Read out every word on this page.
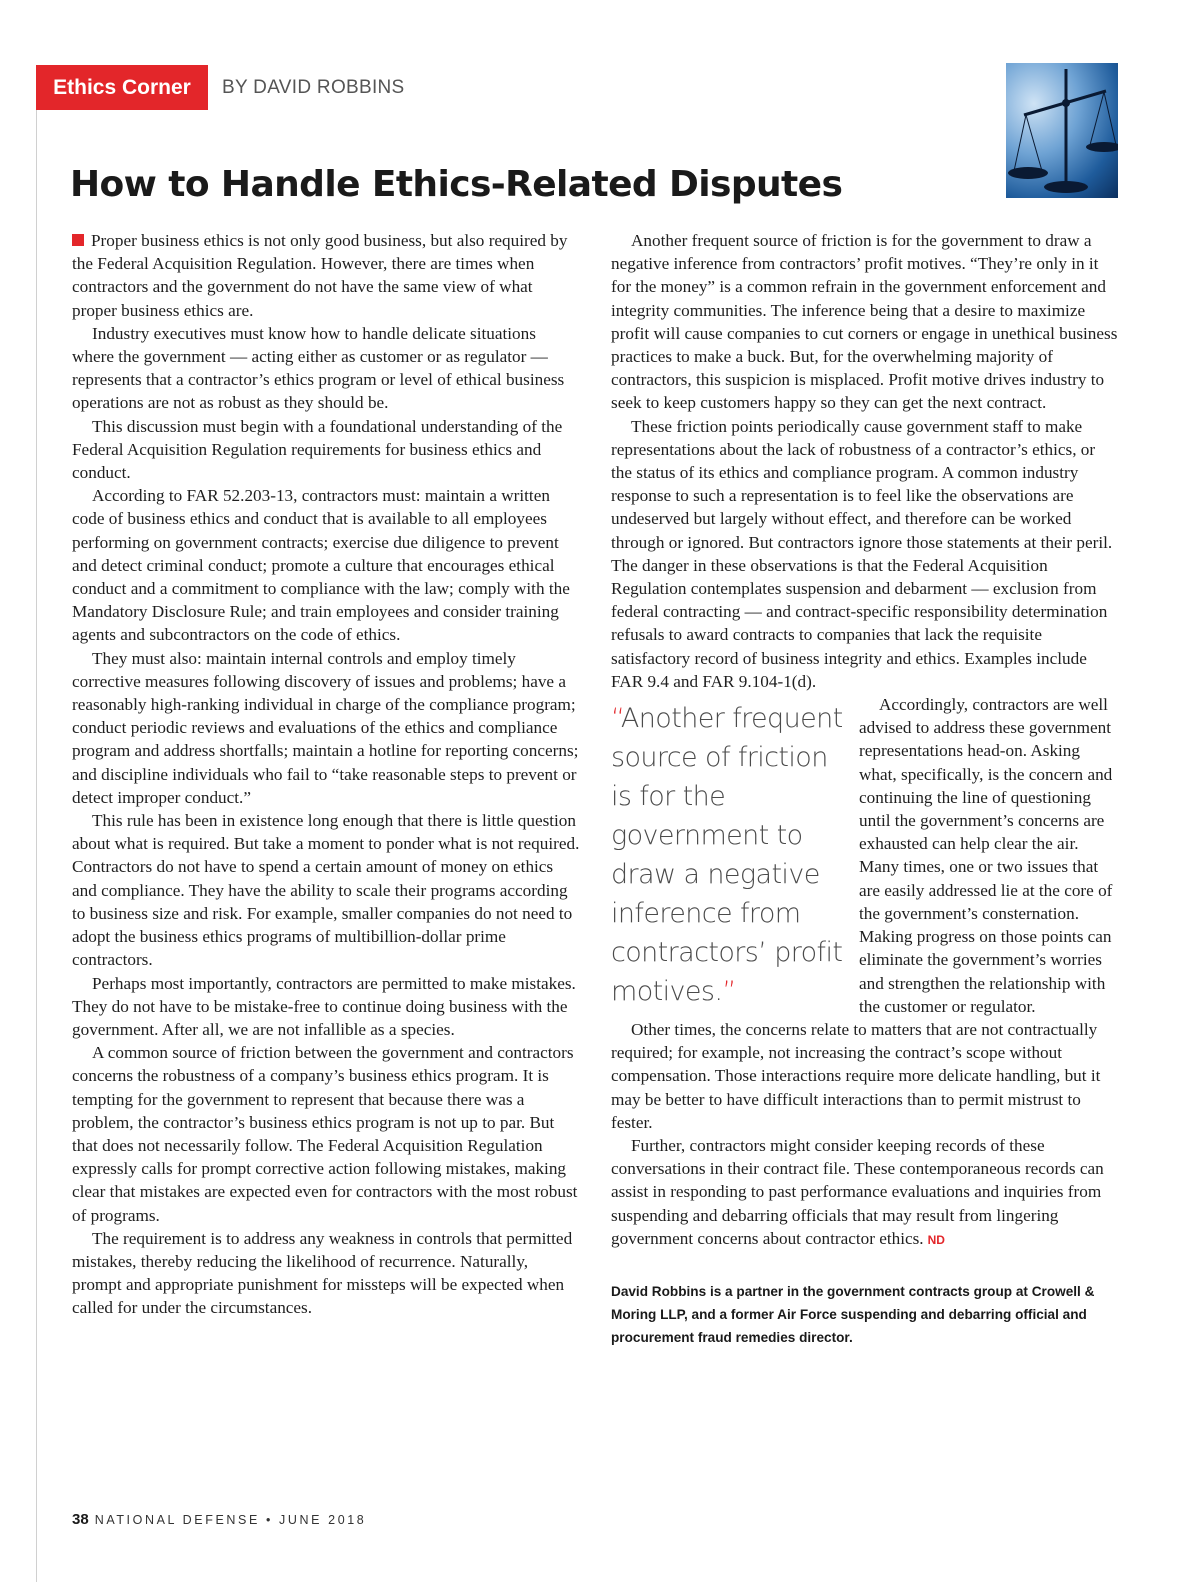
Ethics Corner	BY DAVID ROBBINS
How to Handle Ethics-Related Disputes

Proper business ethics is not only good business, but also required by the Federal Acquisition Regulation. However, there are times when contractors and the government do not have the same view of what proper business ethics are.

Industry executives must know how to handle delicate situations where the government — acting either as customer or as regulator — represents that a contractor’s ethics program or level of ethical business operations are not as robust as they should be.

This discussion must begin with a foundational understanding of the Federal Acquisition Regulation requirements for business ethics and conduct.

According to FAR 52.203-13, contractors must: maintain a written code of business ethics and conduct that is available to all employees performing on government contracts; exercise due diligence to prevent and detect criminal conduct; promote a culture that encourages ethical conduct and a commitment to compliance with the law; comply with the Mandatory Disclosure Rule; and train employees and consider training agents and subcontractors on the code of ethics.

They must also: maintain internal controls and employ timely corrective measures following discovery of issues and problems; have a reasonably high-ranking individual in charge of the compliance program; conduct periodic reviews and evaluations of the ethics and compliance program and address shortfalls; maintain a hotline for reporting concerns; and discipline individuals who fail to “take reasonable steps to prevent or detect improper conduct.”

This rule has been in existence long enough that there is little question about what is required. But take a moment to ponder what is not required. Contractors do not have to spend a certain amount of money on ethics and compliance. They have the ability to scale their programs according to business size and risk. For example, smaller companies do not need to adopt the business ethics programs of multibillion-dollar prime contractors.

Perhaps most importantly, contractors are permitted to make mistakes. They do not have to be mistake-free to continue doing business with the government. After all, we are not infallible as a species.

A common source of friction between the government and contractors concerns the robustness of a company’s business ethics program. It is tempting for the government to represent that because there was a problem, the contractor’s business ethics program is not up to par. But that does not necessarily follow. The Federal Acquisition Regulation expressly calls for prompt corrective action following mistakes, making clear that mistakes are expected even for contractors with the most robust of programs.

The requirement is to address any weakness in controls that permitted mistakes, thereby reducing the likelihood of recurrence. Naturally, prompt and appropriate punishment for missteps will be expected when called for under the circumstances.

Another frequent source of friction is for the government to draw a negative inference from contractors’ profit motives. “They’re only in it for the money” is a common refrain in the government enforcement and integrity communities. The inference being that a desire to maximize profit will cause companies to cut corners or engage in unethical business practices to make a buck. But, for the overwhelming majority of contractors, this suspicion is misplaced. Profit motive drives industry to seek to keep customers happy so they can get the next contract.

These friction points periodically cause government staff to make representations about the lack of robustness of a contractor’s ethics, or the status of its ethics and compliance program. A common industry response to such a representation is to feel like the observations are undeserved but largely without effect, and therefore can be worked through or ignored. But contractors ignore those statements at their peril. The danger in these observations is that the Federal Acquisition Regulation contemplates suspension and debarment — exclusion from federal contracting — and contract-specific responsibility determination refusals to award contracts to companies that lack the requisite satisfactory record of business integrity and ethics. Examples include FAR 9.4 and FAR 9.104-1(d).

“Another frequent source of friction is for the government to draw a negative inference from contractors’ profit motives.”

Accordingly, contractors are well advised to address these government representations head-on. Asking what, specifically, is the concern and continuing the line of questioning until the government’s concerns are exhausted can help clear the air. Many times, one or two issues that are easily addressed lie at the core of the government’s consternation. Making progress on those points can eliminate the government’s worries and strengthen the relationship with the customer or regulator.

Other times, the concerns relate to matters that are not contractually required; for example, not increasing the contract’s scope without compensation. Those interactions require more delicate handling, but it may be better to have difficult interactions than to permit mistrust to fester.

Further, contractors might consider keeping records of these conversations in their contract file. These contemporaneous records can assist in responding to past performance evaluations and inquiries from suspending and debarring officials that may result from lingering government concerns about contractor ethics. ND

David Robbins is a partner in the government contracts group at Crowell & Moring LLP, and a former Air Force suspending and debarring official and procurement fraud remedies director.
38 NATIONAL DEFENSE • JUNE 2018
